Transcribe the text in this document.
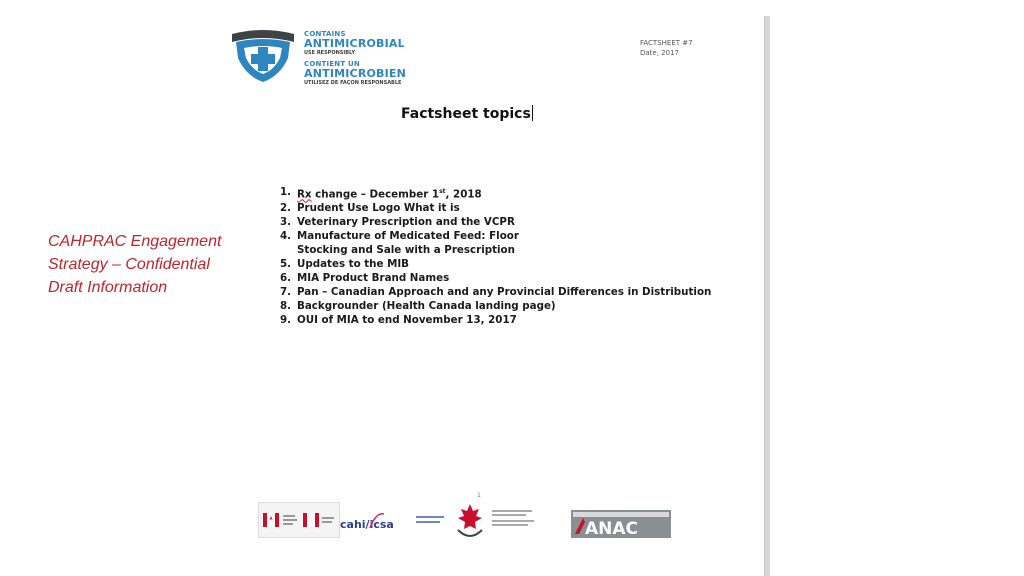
CAHPRAC Engagement
Strategy – Confidential
Draft Information
CONTAINS
ANTIMICROBIAL
USE RESPONSIBLY
CONTIENT UN
ANTIMICROBIEN
UTILISEZ DE FAÇON RESPONSABLE
FACTSHEET #7
Date, 2017
Factsheet topics
1. Rx change – December 1st, 2018
2. Prudent Use Logo What it is
3. Veterinary Prescription and the VCPR
4. Manufacture of Medicated Feed: Floor Stocking and Sale with a Prescription
5. Updates to the MIB
6. MIA Product Brand Names
7. Pan – Canadian Approach and any Provincial Differences in Distribution
8. Backgrounder (Health Canada landing page)
9. OUI of MIA to end November 13, 2017
1
cahi/icsa	ANAC
